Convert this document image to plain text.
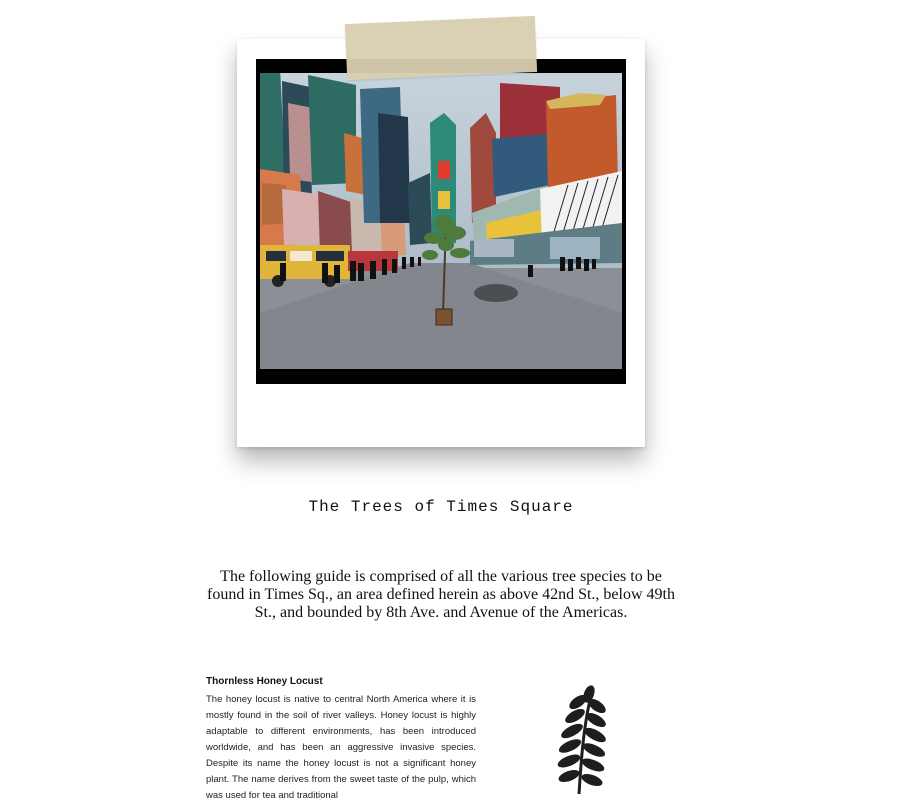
The Trees of Times Square
The following guide is comprised of all the various tree species to be found in Times Sq., an area defined herein as above 42nd St., below 49th St., and bounded by 8th Ave. and Avenue of the Americas.
Thornless Honey Locust

The honey locust is native to central North America where it is mostly found in the soil of river valleys. Honey locust is highly adaptable to different environments, has been introduced worldwide, and has been an aggressive invasive species. Despite its name the honey locust is not a significant honey plant. The name derives from the sweet taste of the pulp, which was used for tea and traditional
